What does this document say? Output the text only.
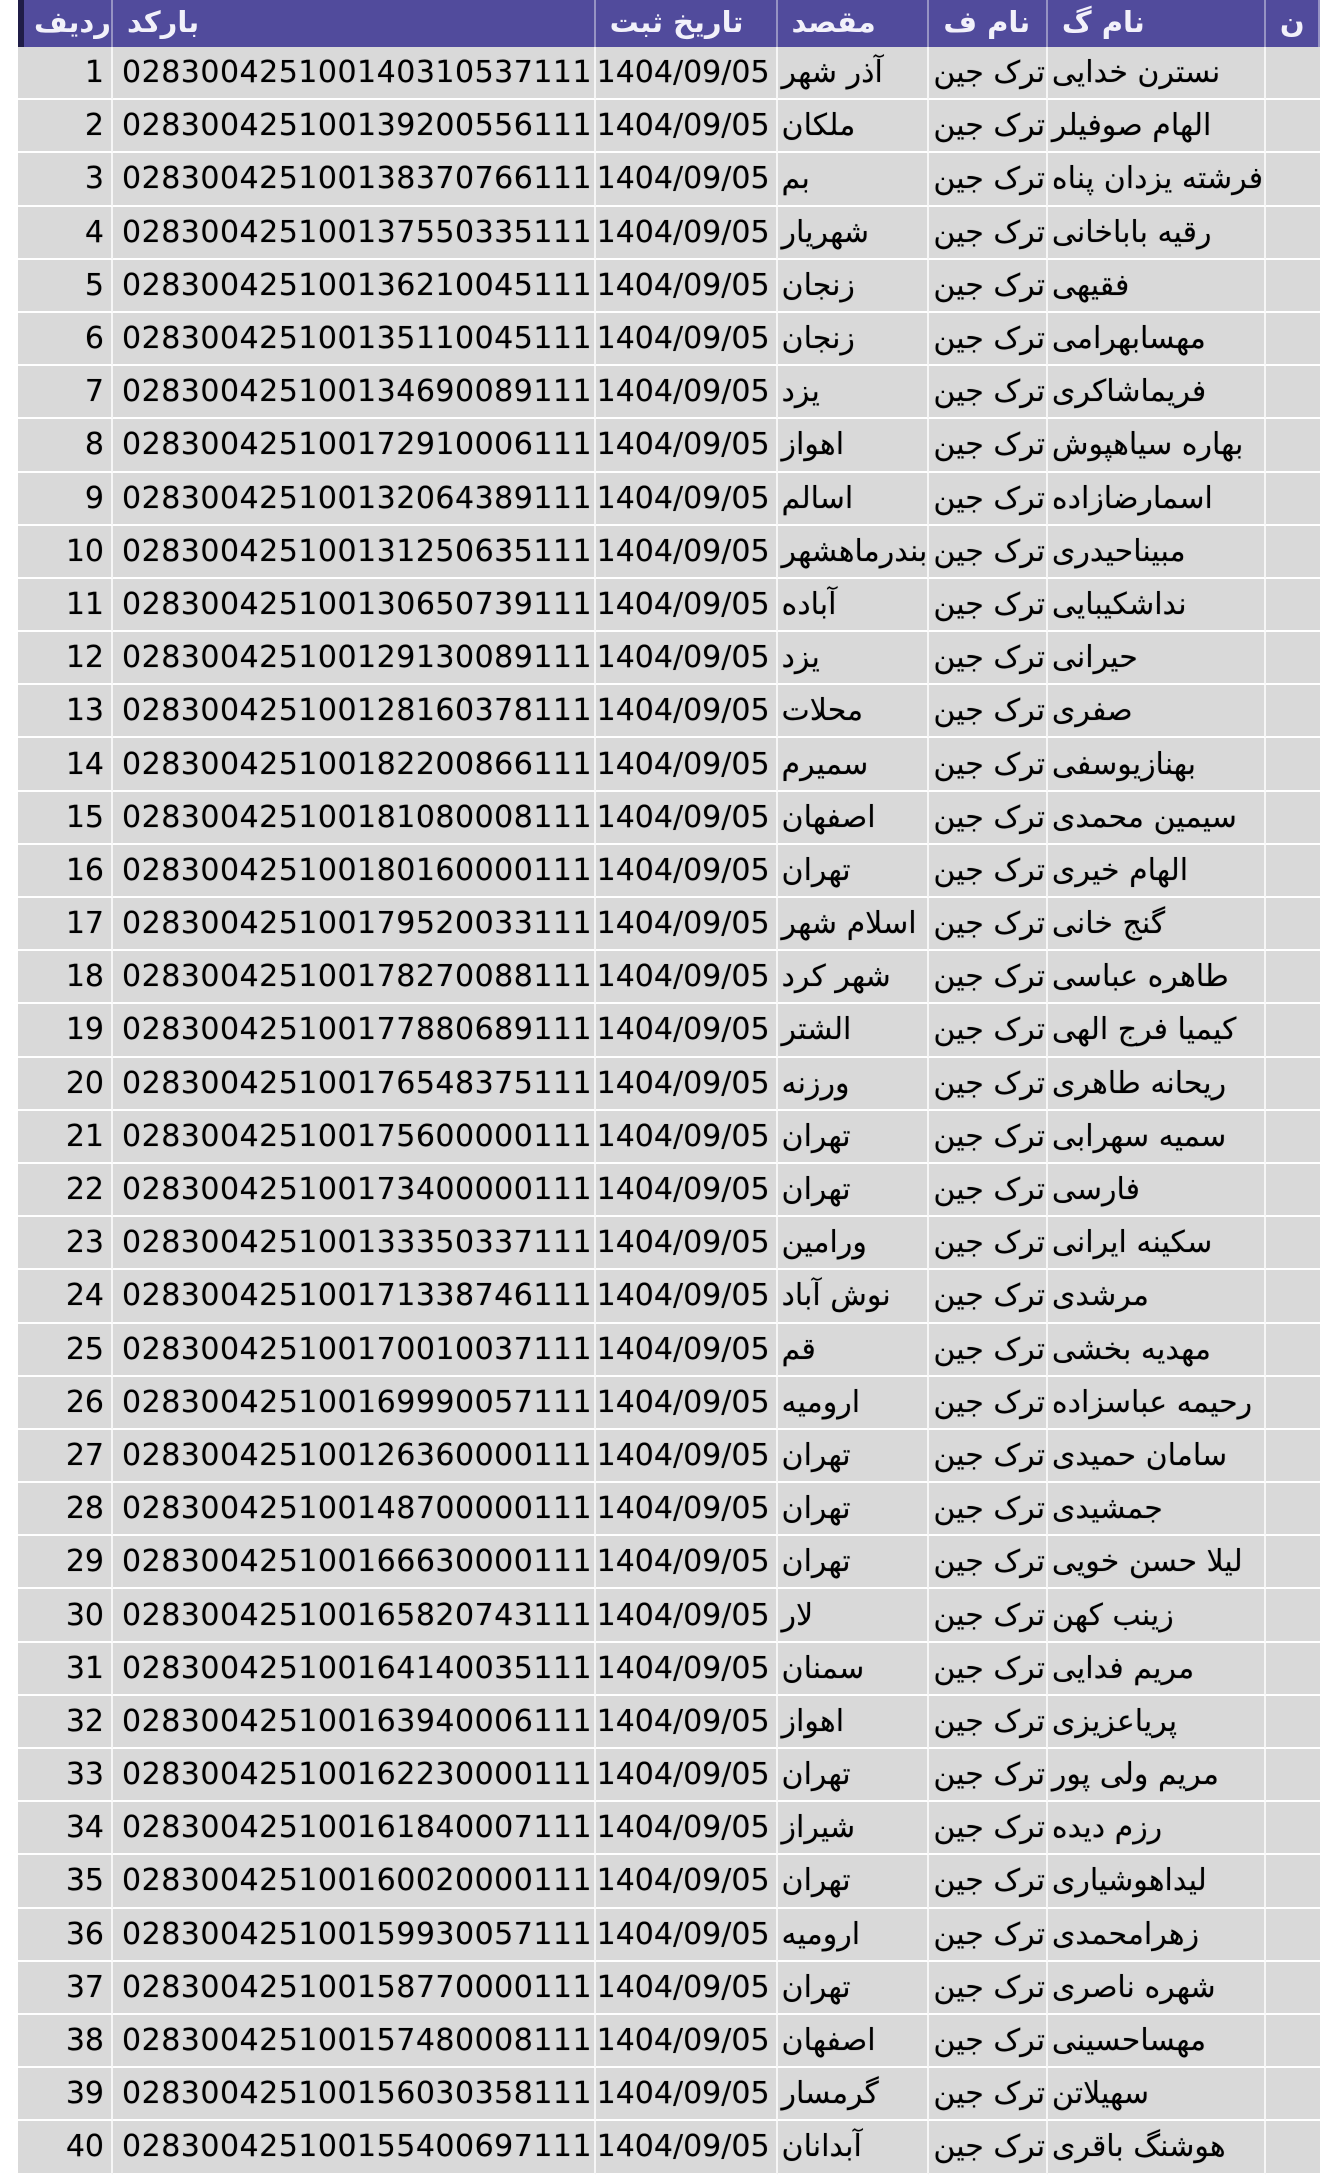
ردیف	بارکد	تاریخ ثبت	مقصد	نام ف	نام گ	ن
1	028300425100140310537111	1404/09/05	آذر شهر	ترک جین	نسترن خدایی	
2	028300425100139200556111	1404/09/05	ملکان	ترک جین	الهام صوفیلر	
3	028300425100138370766111	1404/09/05	بم	ترک جین	فرشته یزدان پناه	
4	028300425100137550335111	1404/09/05	شهریار	ترک جین	رقیه باباخانی	
5	028300425100136210045111	1404/09/05	زنجان	ترک جین	فقیهی	
6	028300425100135110045111	1404/09/05	زنجان	ترک جین	مهسابهرامی	
7	028300425100134690089111	1404/09/05	یزد	ترک جین	فریماشاکری	
8	028300425100172910006111	1404/09/05	اهواز	ترک جین	بهاره سیاهپوش	
9	028300425100132064389111	1404/09/05	اسالم	ترک جین	اسمارضازاده	
10	028300425100131250635111	1404/09/05	بندرماهشهر	ترک جین	مبیناحیدری	
11	028300425100130650739111	1404/09/05	آباده	ترک جین	نداشکیبایی	
12	028300425100129130089111	1404/09/05	یزد	ترک جین	حیرانی	
13	028300425100128160378111	1404/09/05	محلات	ترک جین	صفری	
14	028300425100182200866111	1404/09/05	سمیرم	ترک جین	بهنازیوسفی	
15	028300425100181080008111	1404/09/05	اصفهان	ترک جین	سیمین محمدی	
16	028300425100180160000111	1404/09/05	تهران	ترک جین	الهام خیری	
17	028300425100179520033111	1404/09/05	اسلام شهر	ترک جین	گنج خانی	
18	028300425100178270088111	1404/09/05	شهر کرد	ترک جین	طاهره عباسی	
19	028300425100177880689111	1404/09/05	الشتر	ترک جین	کیمیا فرج الهی	
20	028300425100176548375111	1404/09/05	ورزنه	ترک جین	ریحانه طاهری	
21	028300425100175600000111	1404/09/05	تهران	ترک جین	سمیه سهرابی	
22	028300425100173400000111	1404/09/05	تهران	ترک جین	فارسی	
23	028300425100133350337111	1404/09/05	ورامین	ترک جین	سکینه ایرانی	
24	028300425100171338746111	1404/09/05	نوش آباد	ترک جین	مرشدی	
25	028300425100170010037111	1404/09/05	قم	ترک جین	مهدیه بخشی	
26	028300425100169990057111	1404/09/05	ارومیه	ترک جین	رحیمه عباسزاده	
27	028300425100126360000111	1404/09/05	تهران	ترک جین	سامان حمیدی	
28	028300425100148700000111	1404/09/05	تهران	ترک جین	جمشیدی	
29	028300425100166630000111	1404/09/05	تهران	ترک جین	لیلا حسن خویی	
30	028300425100165820743111	1404/09/05	لار	ترک جین	زینب کهن	
31	028300425100164140035111	1404/09/05	سمنان	ترک جین	مریم فدایی	
32	028300425100163940006111	1404/09/05	اهواز	ترک جین	پریاعزیزی	
33	028300425100162230000111	1404/09/05	تهران	ترک جین	مریم ولی پور	
34	028300425100161840007111	1404/09/05	شیراز	ترک جین	رزم دیده	
35	028300425100160020000111	1404/09/05	تهران	ترک جین	لیداهوشیاری	
36	028300425100159930057111	1404/09/05	ارومیه	ترک جین	زهرامحمدی	
37	028300425100158770000111	1404/09/05	تهران	ترک جین	شهره ناصری	
38	028300425100157480008111	1404/09/05	اصفهان	ترک جین	مهساحسینی	
39	028300425100156030358111	1404/09/05	گرمسار	ترک جین	سهیلاتن	
40	028300425100155400697111	1404/09/05	آبدانان	ترک جین	هوشنگ باقری	
